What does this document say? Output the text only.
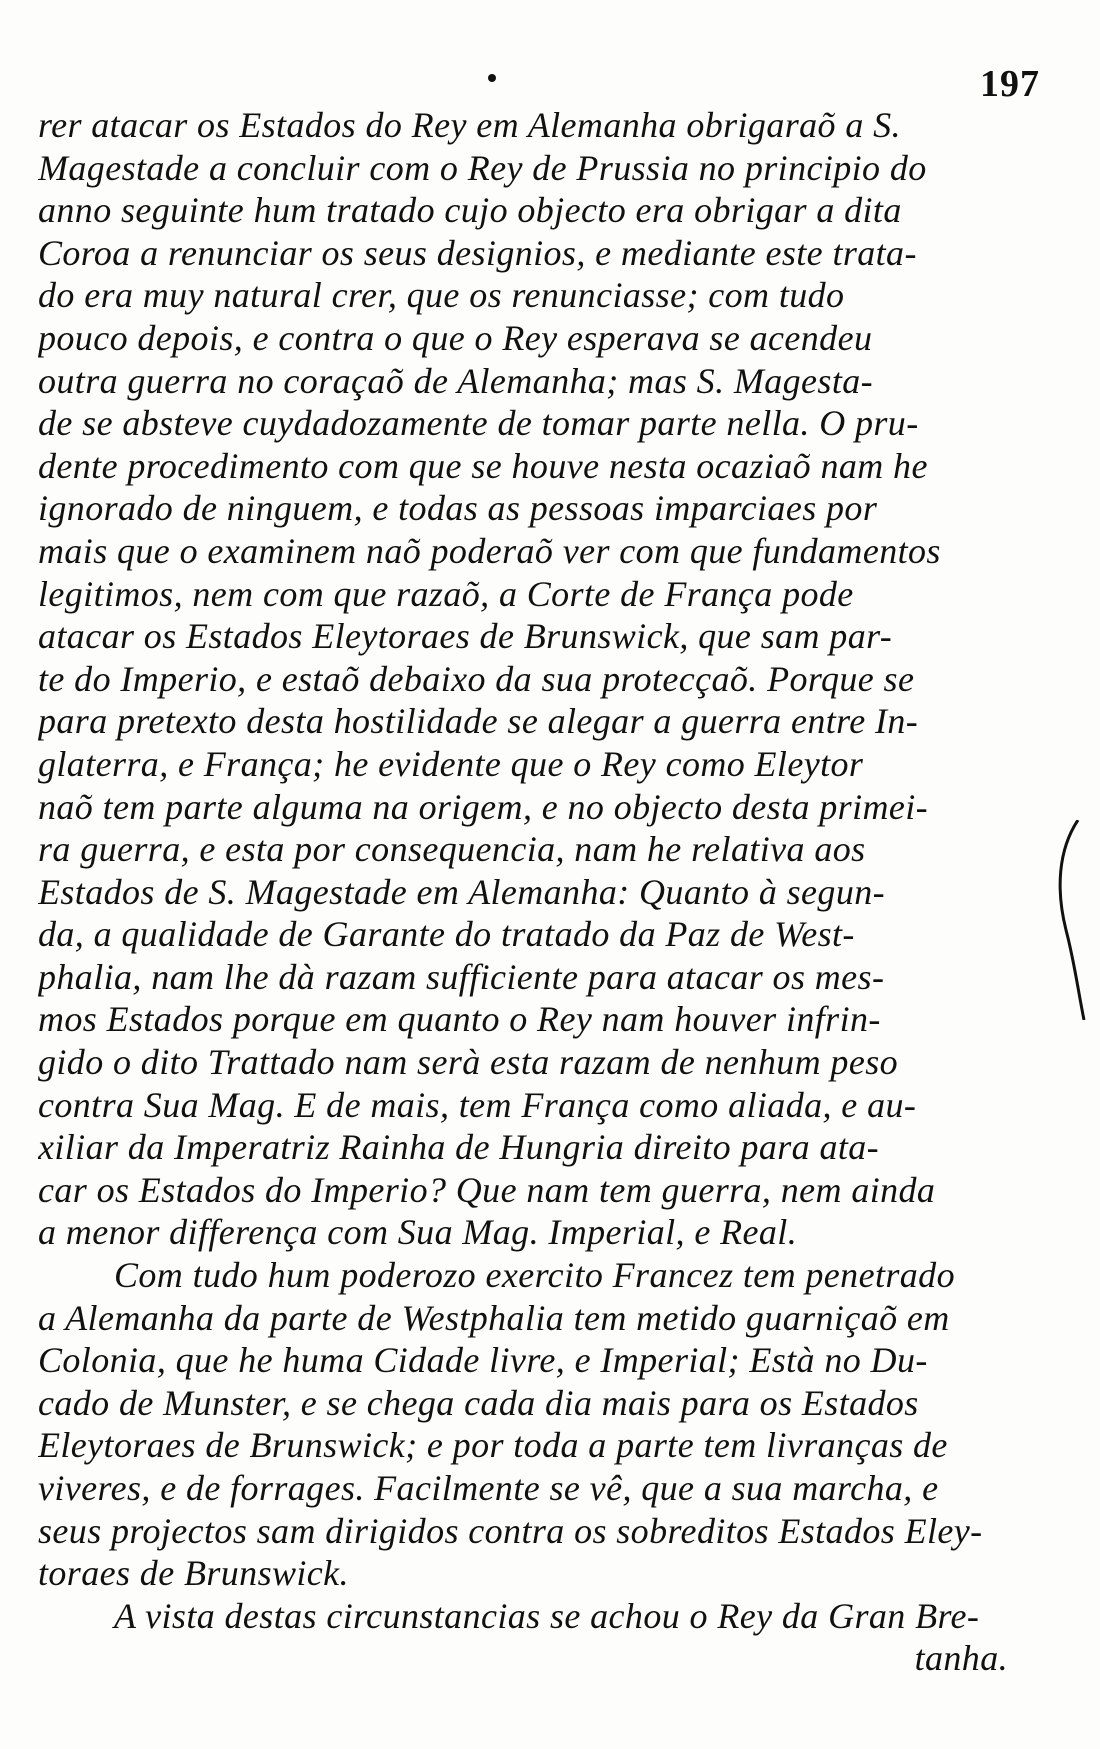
197
rer atacar os Estados do Rey em Alemanha obrigaraõ a S.
Magestade a concluir com o Rey de Prussia no principio do
anno seguinte hum tratado cujo objecto era obrigar a dita
Coroa a renunciar os seus designios, e mediante este trata-
do era muy natural crer, que os renunciasse; com tudo
pouco depois, e contra o que o Rey esperava se acendeu
outra guerra no coraçaõ de Alemanha; mas S. Magesta-
de se absteve cuydadozamente de tomar parte nella. O pru-
dente procedimento com que se houve nesta ocaziaõ nam he
ignorado de ninguem, e todas as pessoas imparciaes por
mais que o examinem naõ poderaõ ver com que fundamentos
legitimos, nem com que razaõ, a Corte de França pode
atacar os Estados Eleytoraes de Brunswick, que sam par-
te do Imperio, e estaõ debaixo da sua protecçaõ. Porque se
para pretexto desta hostilidade se alegar a guerra entre In-
glaterra, e França; he evidente que o Rey como Eleytor
naõ tem parte alguma na origem, e no objecto desta primei-
ra guerra, e esta por consequencia, nam he relativa aos
Estados de S. Magestade em Alemanha: Quanto à segun-
da, a qualidade de Garante do tratado da Paz de West-
phalia, nam lhe dà razam sufficiente para atacar os mes-
mos Estados porque em quanto o Rey nam houver infrin-
gido o dito Trattado nam serà esta razam de nenhum peso
contra Sua Mag. E de mais, tem França como aliada, e au-
xiliar da Imperatriz Rainha de Hungria direito para ata-
car os Estados do Imperio? Que nam tem guerra, nem ainda
a menor differença com Sua Mag. Imperial, e Real.
Com tudo hum poderozo exercito Francez tem penetrado
a Alemanha da parte de Westphalia tem metido guarniçaõ em
Colonia, que he huma Cidade livre, e Imperial; Està no Du-
cado de Munster, e se chega cada dia mais para os Estados
Eleytoraes de Brunswick; e por toda a parte tem livranças de
viveres, e de forrages. Facilmente se vê, que a sua marcha, e
seus projectos sam dirigidos contra os sobreditos Estados Eley-
toraes de Brunswick.
A vista destas circunstancias se achou o Rey da Gran Bre-
tanha.
